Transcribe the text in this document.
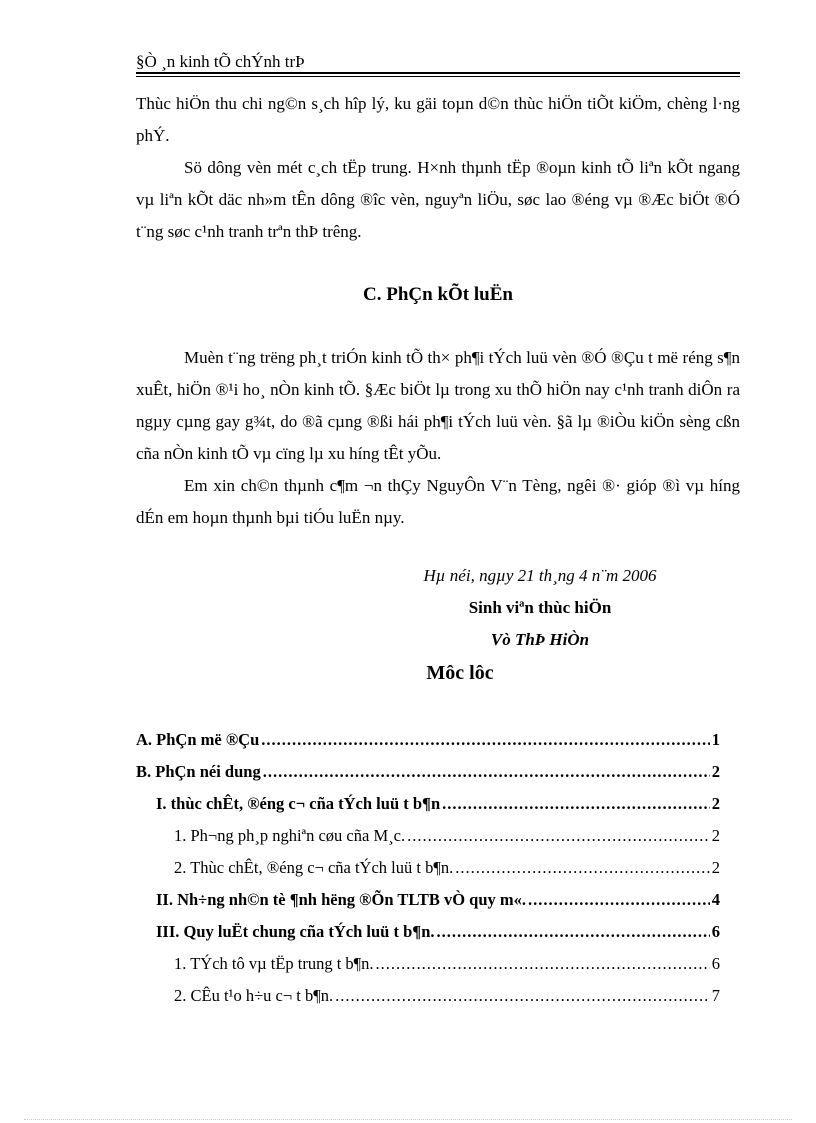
§Ò ¸n kinh tÕ chÝnh trÞ

Thùc hiÖn thu chi ng©n s¸ch hîp lý, ku gäi toµn d©n thùc hiÖn tiÕt kiÖm, chèng l·ng phÝ.

Sö dông vèn mét c¸ch tËp trung. H×nh thµnh tËp ®oµn kinh tÕ liªn kÕt ngang vµ liªn kÕt däc nh»m tÊn dông ®îc vèn, nguyªn liÖu, søc lao ®éng vµ ®Æc biÖt ®Ó t¨ng søc c¹nh tranh trªn thÞ trêng.

C. PhÇn kÕt luËn

Muèn t¨ng trëng ph¸t triÓn kinh tÕ th× ph¶i tÝch luü vèn ®Ó ®Çu t më réng s¶n xuÊt, hiÖn ®¹i ho¸ nÒn kinh tÕ. §Æc biÖt lµ trong xu thÕ hiÖn nay c¹nh tranh diÔn ra ngµy cµng gay g¾t, do ®ã cµng ®ßi hái ph¶i tÝch luü vèn. §ã lµ ®iÒu kiÖn sèng cßn cña nÒn kinh tÕ vµ cïng lµ xu híng tÊt yÕu.

Em xin ch©n thµnh c¶m ¬n thÇy NguyÔn V¨n Tèng, ngêi ®· gióp ®ì vµ híng dÉn em hoµn thµnh bµi tiÓu luËn nµy.

Hµ néi, ngµy 21 th¸ng 4 n¨m 2006
Sinh viªn thùc hiÖn
Vò ThÞ HiÒn
Môc lôc
A. PhÇn më ®Çu .....	1
B. PhÇn néi dung .....	2
I. thùc chÊt, ®éng c¬ cña tÝch luü t b¶n .....	2
1. Ph¬ng ph¸p nghiªn cøu cña M¸c. .....	2
2. Thùc chÊt, ®éng c¬ cña tÝch luü t b¶n. .....	2
II. Nh÷ng nh©n tè ¶nh hëng ®Õn TLTB vÒ quy m«. .....	4
III. Quy luËt chung cña tÝch luü t b¶n. .....	6
1. TÝch tô vµ tËp trung t b¶n. .....	6
2. CÊu t¹o h÷u c¬ t b¶n. .....	7
